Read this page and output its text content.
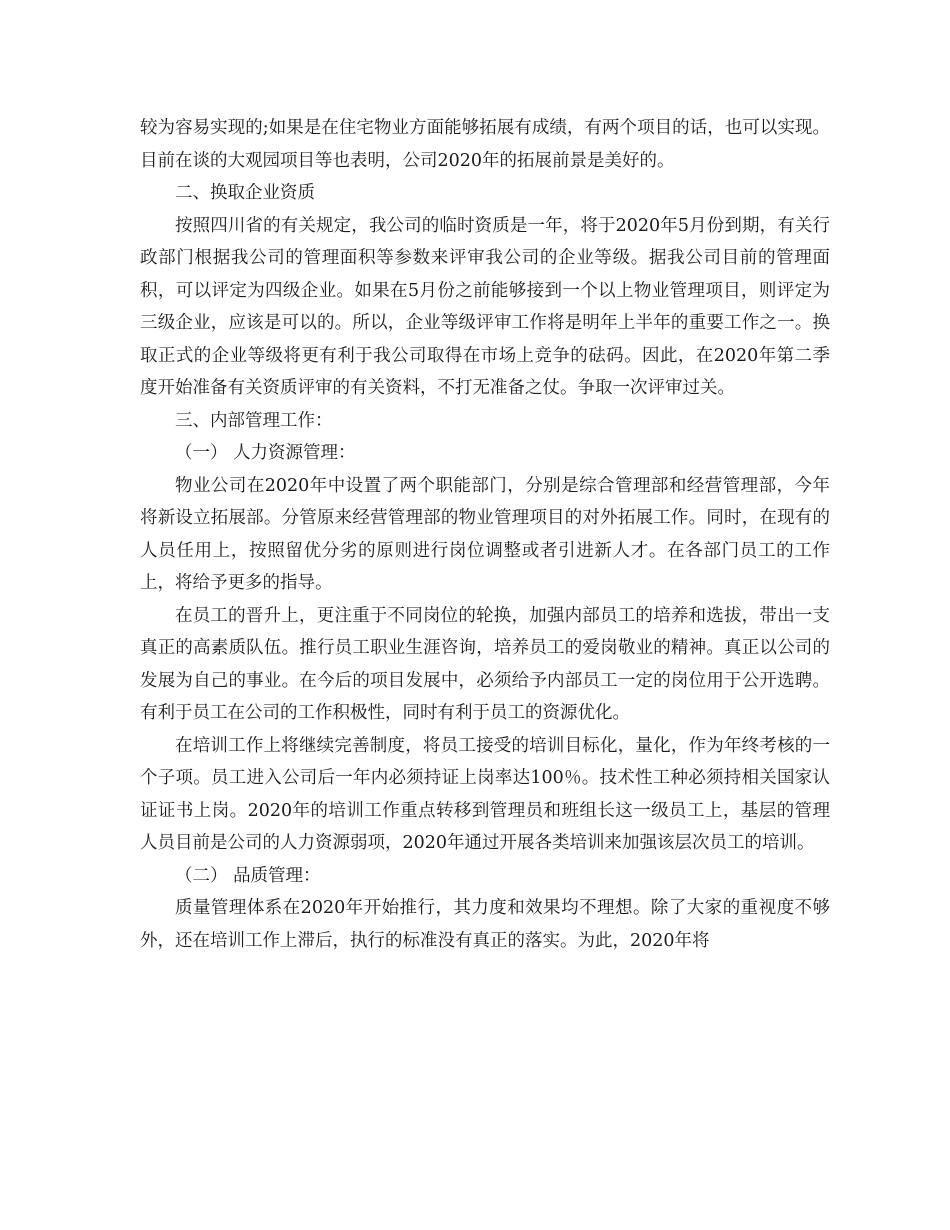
较为容易实现的;如果是在住宅物业方面能够拓展有成绩，有两个项目的话，也可以实现。目前在谈的大观园项目等也表明，公司2020年的拓展前景是美好的。

二、换取企业资质

按照四川省的有关规定，我公司的临时资质是一年，将于2020年5月份到期，有关行政部门根据我公司的管理面积等参数来评审我公司的企业等级。据我公司目前的管理面积，可以评定为四级企业。如果在5月份之前能够接到一个以上物业管理项目，则评定为三级企业，应该是可以的。所以，企业等级评审工作将是明年上半年的重要工作之一。换取正式的企业等级将更有利于我公司取得在市场上竞争的砝码。因此，在2020年第二季度开始准备有关资质评审的有关资料，不打无准备之仗。争取一次评审过关。

三、内部管理工作：

（一） 人力资源管理：

物业公司在2020年中设置了两个职能部门，分别是综合管理部和经营管理部，今年将新设立拓展部。分管原来经营管理部的物业管理项目的对外拓展工作。同时，在现有的人员任用上，按照留优分劣的原则进行岗位调整或者引进新人才。在各部门员工的工作上，将给予更多的指导。

在员工的晋升上，更注重于不同岗位的轮换，加强内部员工的培养和选拔，带出一支真正的高素质队伍。推行员工职业生涯咨询，培养员工的爱岗敬业的精神。真正以公司的发展为自己的事业。在今后的项目发展中，必须给予内部员工一定的岗位用于公开选聘。有利于员工在公司的工作积极性，同时有利于员工的资源优化。

在培训工作上将继续完善制度，将员工接受的培训目标化，量化，作为年终考核的一个子项。员工进入公司后一年内必须持证上岗率达100％。技术性工种必须持相关国家认证证书上岗。2020年的培训工作重点转移到管理员和班组长这一级员工上，基层的管理人员目前是公司的人力资源弱项，2020年通过开展各类培训来加强该层次员工的培训。

（二） 品质管理：

质量管理体系在2020年开始推行，其力度和效果均不理想。除了大家的重视度不够外，还在培训工作上滞后，执行的标准没有真正的落实。为此，2020年将
